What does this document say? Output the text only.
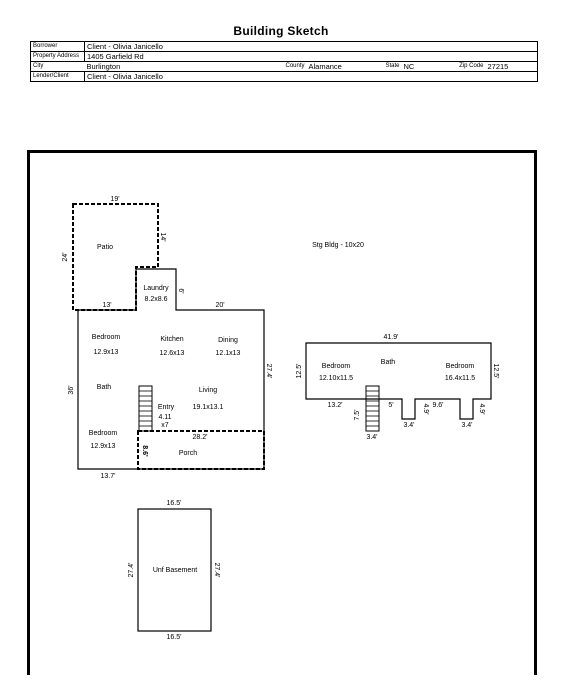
Building Sketch
Borrower	Client - Olivia Janicello						
Property Address	1405 Garfield Rd						
City	Burlington	County	Alamance	State	NC	Zip Code	27215
Lender/Client	Client - Olivia Janicello						
19'
Patio
24'
14'
13'
Laundry
8.2x8.6
6'
20'
Bedroom
12.9x13
Kitchen
12.6x13
Dining
12.1x13
Bath	Living
19.1x13.1
Entry
4.11
x7
Bedroom
12.9x13
28.2'
Porch
8.6'
36'
27.4'
13.7'
Stg Bldg - 10x20
41.9'
12.5'	12.5'
Bedroom
12.10x11.5
Bath
Bedroom
16.4x11.5
13.2'	5'
7.5'
3.4'
4.9'
3.4'
9.6'	4.9'
3.4'
16.5'
Unf Basement
27.4'	27.4'
16.5'
